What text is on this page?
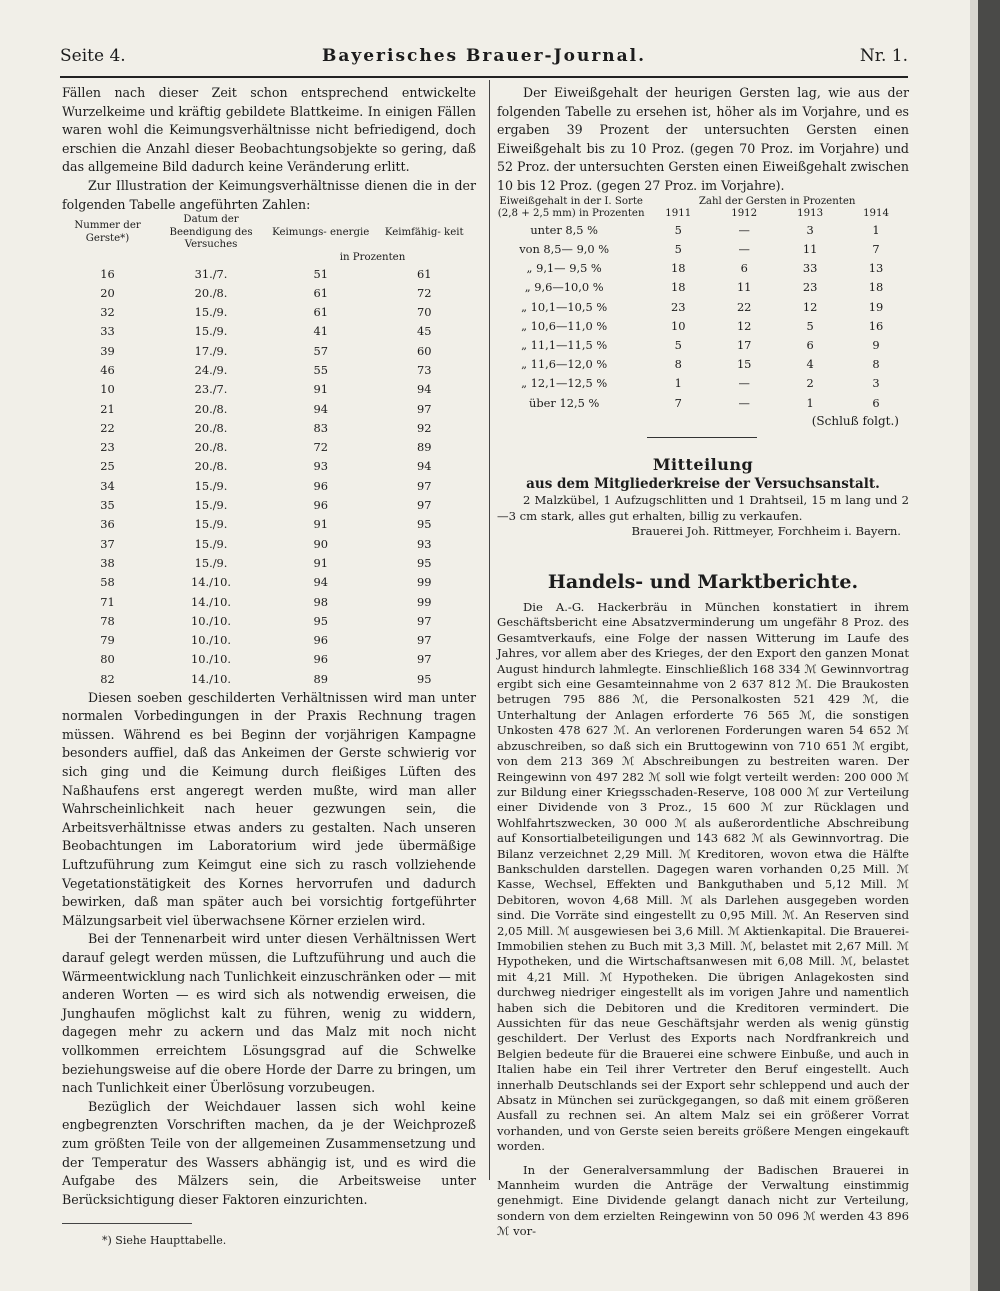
Seite 4.	Bayerisches Brauer-Journal.	Nr. 1.

Fällen nach dieser Zeit schon entsprechend entwickelte Wurzelkeime und kräftig gebildete Blattkeime. In einigen Fällen waren wohl die Keimungsverhältnisse nicht befriedigend, doch erschien die Anzahl dieser Beobachtungsobjekte so gering, daß das allgemeine Bild dadurch keine Veränderung erlitt.

Zur Illustration der Keimungsverhältnisse dienen die in der folgenden Tabelle angeführten Zahlen:

Nummer der Gerste*)	Datum der Beendigung des Versuches	Keimungs- energie	Keimfähig- keit
		in Prozenten	
16	31./7.	51	61
20	20./8.	61	72
32	15./9.	61	70
33	15./9.	41	45
39	17./9.	57	60
46	24./9.	55	73
10	23./7.	91	94
21	20./8.	94	97
22	20./8.	83	92
23	20./8.	72	89
25	20./8.	93	94
34	15./9.	96	97
35	15./9.	96	97
36	15./9.	91	95
37	15./9.	90	93
38	15./9.	91	95
58	14./10.	94	99
71	14./10.	98	99
78	10./10.	95	97
79	10./10.	96	97
80	10./10.	96	97
82	14./10.	89	95

Diesen soeben geschilderten Verhältnissen wird man unter normalen Vorbedingungen in der Praxis Rechnung tragen müssen. Während es bei Beginn der vorjährigen Kampagne besonders auffiel, daß das Ankeimen der Gerste schwierig vor sich ging und die Keimung durch fleißiges Lüften des Naßhaufens erst angeregt werden mußte, wird man aller Wahrscheinlichkeit nach heuer gezwungen sein, die Arbeitsverhältnisse etwas anders zu gestalten. Nach unseren Beobachtungen im Laboratorium wird jede übermäßige Luftzuführung zum Keimgut eine sich zu rasch vollziehende Vegetationstätigkeit des Kornes hervorrufen und dadurch bewirken, daß man später auch bei vorsichtig fortgeführter Mälzungsarbeit viel überwachsene Körner erzielen wird.

Bei der Tennenarbeit wird unter diesen Verhältnissen Wert darauf gelegt werden müssen, die Luftzuführung und auch die Wärmeentwicklung nach Tunlichkeit einzuschränken oder — mit anderen Worten — es wird sich als notwendig erweisen, die Junghaufen möglichst kalt zu führen, wenig zu widdern, dagegen mehr zu ackern und das Malz mit noch nicht vollkommen erreichtem Lösungsgrad auf die Schwelke beziehungsweise auf die obere Horde der Darre zu bringen, um nach Tunlichkeit einer Überlösung vorzubeugen.

Bezüglich der Weichdauer lassen sich wohl keine engbegrenzten Vorschriften machen, da je der Weichprozeß zum größten Teile von der allgemeinen Zusammensetzung und der Temperatur des Wassers abhängig ist, und es wird die Aufgabe des Mälzers sein, die Arbeitsweise unter Berücksichtigung dieser Faktoren einzurichten.

*) Siehe Haupttabelle.

Der Eiweißgehalt der heurigen Gersten lag, wie aus der folgenden Tabelle zu ersehen ist, höher als im Vorjahre, und es ergaben 39 Prozent der untersuchten Gersten einen Eiweißgehalt bis zu 10 Proz. (gegen 70 Proz. im Vorjahre) und 52 Proz. der untersuchten Gersten einen Eiweißgehalt zwischen 10 bis 12 Proz. (gegen 27 Proz. im Vorjahre).

Eiweißgehalt in der I. Sorte (2,8 + 2,5 mm) in Prozenten	Zahl der Gersten in Prozenten			
	1911	1912	1913	1914
unter 8,5 %	5	—	3	1
von 8,5— 9,0 %	5	—	11	7
„ 9,1— 9,5 %	18	6	33	13
„ 9,6—10,0 %	18	11	23	18
„ 10,1—10,5 %	23	22	12	19
„ 10,6—11,0 %	10	12	5	16
„ 11,1—11,5 %	5	17	6	9
„ 11,6—12,0 %	8	15	4	8
„ 12,1—12,5 %	1	—	2	3
über 12,5 %	7	—	1	6
(Schluß folgt.)
Mitteilung
aus dem Mitgliederkreise der Versuchsanstalt.

2 Malzkübel, 1 Aufzugschlitten und 1 Drahtseil, 15 m lang und 2—3 cm stark, alles gut erhalten, billig zu verkaufen.

Brauerei Joh. Rittmeyer, Forchheim i. Bayern.

Handels- und Marktberichte.

Die A.-G. Hackerbräu in München konstatiert in ihrem Geschäftsbericht eine Absatzverminderung um ungefähr 8 Proz. des Gesamtverkaufs, eine Folge der nassen Witterung im Laufe des Jahres, vor allem aber des Krieges, der den Export den ganzen Monat August hindurch lahmlegte. Einschließlich 168 334 ℳ Gewinnvortrag ergibt sich eine Gesamteinnahme von 2 637 812 ℳ. Die Braukosten betrugen 795 886 ℳ, die Personalkosten 521 429 ℳ, die Unterhaltung der Anlagen erforderte 76 565 ℳ, die sonstigen Unkosten 478 627 ℳ. An verlorenen Forderungen waren 54 652 ℳ abzuschreiben, so daß sich ein Bruttogewinn von 710 651 ℳ ergibt, von dem 213 369 ℳ Abschreibungen zu bestreiten waren. Der Reingewinn von 497 282 ℳ soll wie folgt verteilt werden: 200 000 ℳ zur Bildung einer Kriegsschaden-Reserve, 108 000 ℳ zur Verteilung einer Dividende von 3 Proz., 15 600 ℳ zur Rücklagen und Wohlfahrtszwecken, 30 000 ℳ als außerordentliche Abschreibung auf Konsortialbeteiligungen und 143 682 ℳ als Gewinnvortrag. Die Bilanz verzeichnet 2,29 Mill. ℳ Kreditoren, wovon etwa die Hälfte Bankschulden darstellen. Dagegen waren vorhanden 0,25 Mill. ℳ Kasse, Wechsel, Effekten und Bankguthaben und 5,12 Mill. ℳ Debitoren, wovon 4,68 Mill. ℳ als Darlehen ausgegeben worden sind. Die Vorräte sind eingestellt zu 0,95 Mill. ℳ. An Reserven sind 2,05 Mill. ℳ ausgewiesen bei 3,6 Mill. ℳ Aktienkapital. Die Brauerei-Immobilien stehen zu Buch mit 3,3 Mill. ℳ, belastet mit 2,67 Mill. ℳ Hypotheken, und die Wirtschaftsanwesen mit 6,08 Mill. ℳ, belastet mit 4,21 Mill. ℳ Hypotheken. Die übrigen Anlagekosten sind durchweg niedriger eingestellt als im vorigen Jahre und namentlich haben sich die Debitoren und die Kreditoren vermindert. Die Aussichten für das neue Geschäftsjahr werden als wenig günstig geschildert. Der Verlust des Exports nach Nordfrankreich und Belgien bedeute für die Brauerei eine schwere Einbuße, und auch in Italien habe ein Teil ihrer Vertreter den Beruf eingestellt. Auch innerhalb Deutschlands sei der Export sehr schleppend und auch der Absatz in München sei zurückgegangen, so daß mit einem größeren Ausfall zu rechnen sei. An altem Malz sei ein größerer Vorrat vorhanden, und von Gerste seien bereits größere Mengen eingekauft worden.

In der Generalversammlung der Badischen Brauerei in Mannheim wurden die Anträge der Verwaltung einstimmig genehmigt. Eine Dividende gelangt danach nicht zur Verteilung, sondern von dem erzielten Reingewinn von 50 096 ℳ werden 43 896 ℳ vor-
